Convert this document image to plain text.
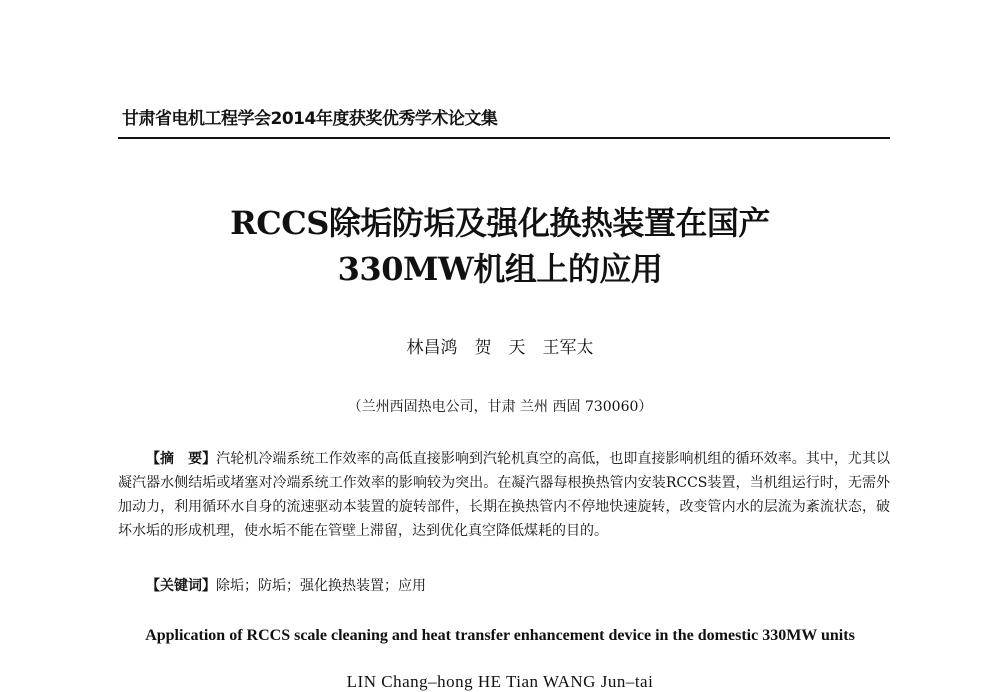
甘肃省电机工程学会2014年度获奖优秀学术论文集
RCCS除垢防垢及强化换热装置在国产
330MW机组上的应用
林昌鸿　贺　天　王军太
（兰州西固热电公司，甘肃 兰州 西固 730060）

【摘　要】汽轮机冷端系统工作效率的高低直接影响到汽轮机真空的高低，也即直接影响机组的循环效率。其中，尤其以凝汽器水侧结垢或堵塞对冷端系统工作效率的影响较为突出。在凝汽器每根换热管内安装RCCS装置，当机组运行时，无需外加动力，利用循环水自身的流速驱动本装置的旋转部件，长期在换热管内不停地快速旋转，改变管内水的层流为紊流状态，破坏水垢的形成机理，使水垢不能在管壁上滞留，达到优化真空降低煤耗的目的。

【关键词】除垢；防垢；强化换热装置；应用
Application of RCCS scale cleaning and heat transfer enhancement device in the domestic 330MW units
LIN Chang–hong HE Tian WANG Jun–tai
